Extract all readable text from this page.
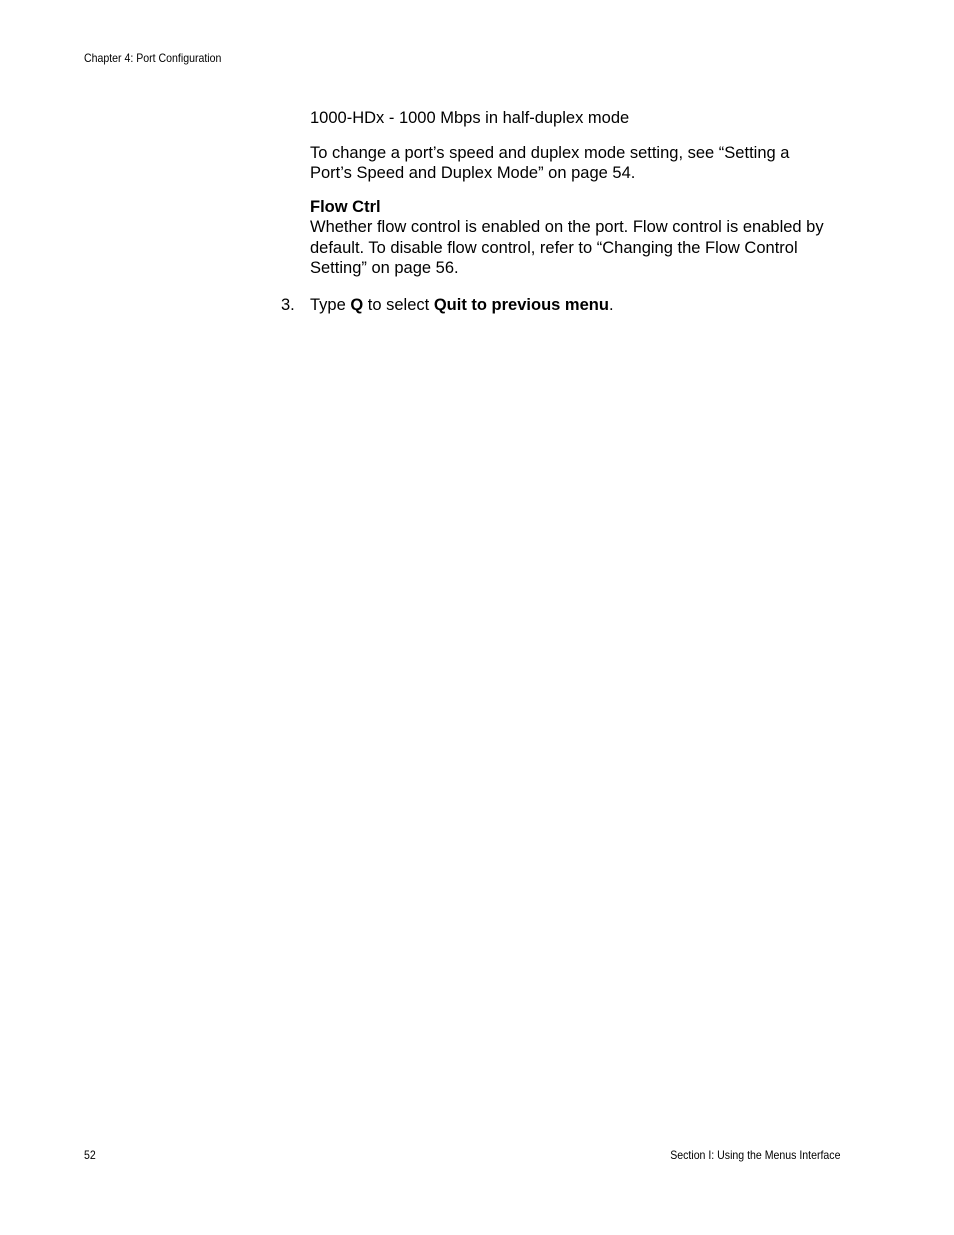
Chapter 4: Port Configuration
1000-HDx - 1000 Mbps in half-duplex mode
To change a port’s speed and duplex mode setting, see “Setting a
Port’s Speed and Duplex Mode” on page 54.
Flow Ctrl
Whether flow control is enabled on the port. Flow control is enabled by
default. To disable flow control, refer to “Changing the Flow Control
Setting” on page 56.
3. Type Q to select Quit to previous menu.
52	Section I: Using the Menus Interface
